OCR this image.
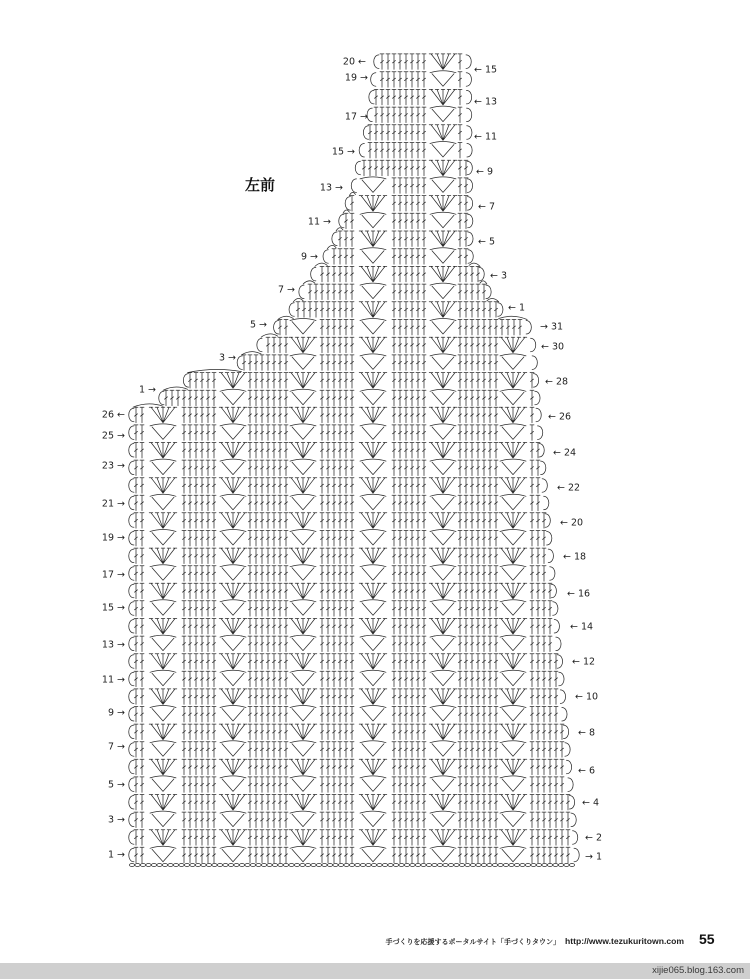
20 ←
19 →
17 →
15 →
13 →
11 →
9 →
7 →
5 →
3 →
1 →
← 15
← 13
← 11
← 9
← 7
← 5
← 3
← 1
→ 31
← 30
← 28
26 ←
25 →
23 →
21 →
19 →
17 →
15 →
13 →
11 →
9 →
7 →
5 →
3 →
1 →
← 26
← 24
← 22
← 20
← 18
← 16
← 14
← 12
← 10
← 8
← 6
← 4
← 2
→ 1
左前
手づくりを応援するポータルサイト「手づくりタウン」 http://www.tezukuritown.com 55
xijie065.blog.163.com
